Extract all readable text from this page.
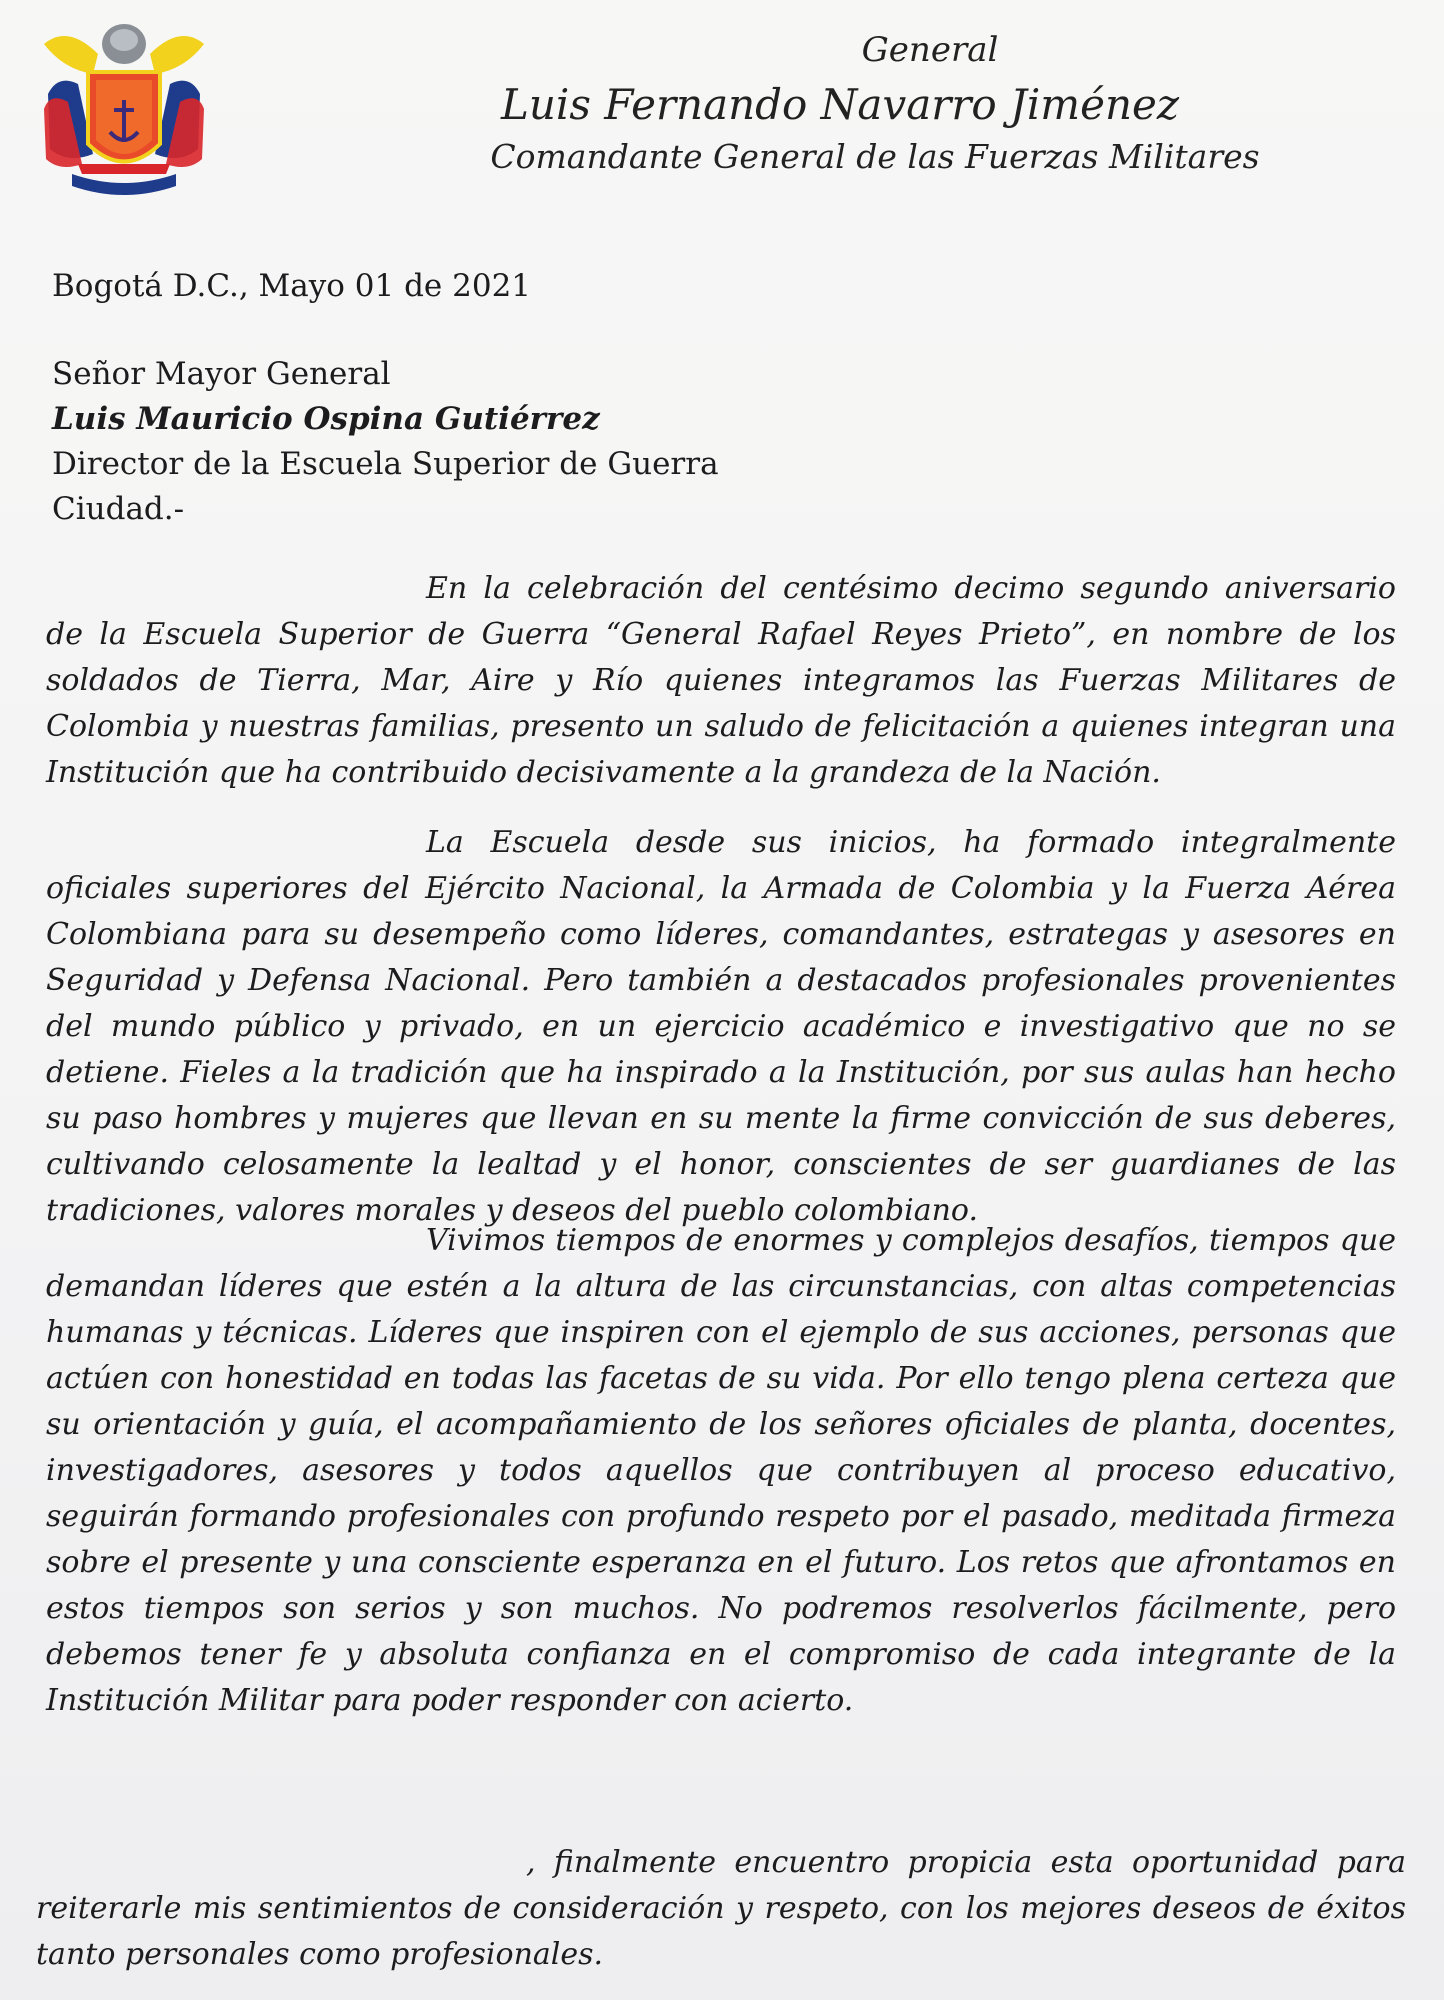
General
Luis Fernando Navarro Jiménez
Comandante General de las Fuerzas Militares
Bogotá D.C., Mayo 01 de 2021
Señor Mayor General
Luis Mauricio Ospina Gutiérrez
Director de la Escuela Superior de Guerra
Ciudad.-
En la celebración del centésimo decimo segundo aniversario de la Escuela Superior de Guerra “General Rafael Reyes Prieto”, en nombre de los soldados de Tierra, Mar, Aire y Río quienes integramos las Fuerzas Militares de Colombia y nuestras familias, presento un saludo de felicitación a quienes integran una Institución que ha contribuido decisivamente a la grandeza de la Nación.
La Escuela desde sus inicios, ha formado integralmente oficiales superiores del Ejército Nacional, la Armada de Colombia y la Fuerza Aérea Colombiana para su desempeño como líderes, comandantes, estrategas y asesores en Seguridad y Defensa Nacional. Pero también a destacados profesionales provenientes del mundo público y privado, en un ejercicio académico e investigativo que no se detiene. Fieles a la tradición que ha inspirado a la Institución, por sus aulas han hecho su paso hombres y mujeres que llevan en su mente la firme convicción de sus deberes, cultivando celosamente la lealtad y el honor, conscientes de ser guardianes de las tradiciones, valores morales y deseos del pueblo colombiano.
Vivimos tiempos de enormes y complejos desafíos, tiempos que demandan líderes que estén a la altura de las circunstancias, con altas competencias humanas y técnicas. Líderes que inspiren con el ejemplo de sus acciones, personas que actúen con honestidad en todas las facetas de su vida. Por ello tengo plena certeza que su orientación y guía, el acompañamiento de los señores oficiales de planta, docentes, investigadores, asesores y todos aquellos que contribuyen al proceso educativo, seguirán formando profesionales con profundo respeto por el pasado, meditada firmeza sobre el presente y una consciente esperanza en el futuro. Los retos que afrontamos en estos tiempos son serios y son muchos. No podremos resolverlos fácilmente, pero debemos tener fe y absoluta confianza en el compromiso de cada integrante de la Institución Militar para poder responder con acierto.
, finalmente encuentro propicia esta oportunidad para reiterarle mis sentimientos de consideración y respeto, con los mejores deseos de éxitos tanto personales como profesionales.
